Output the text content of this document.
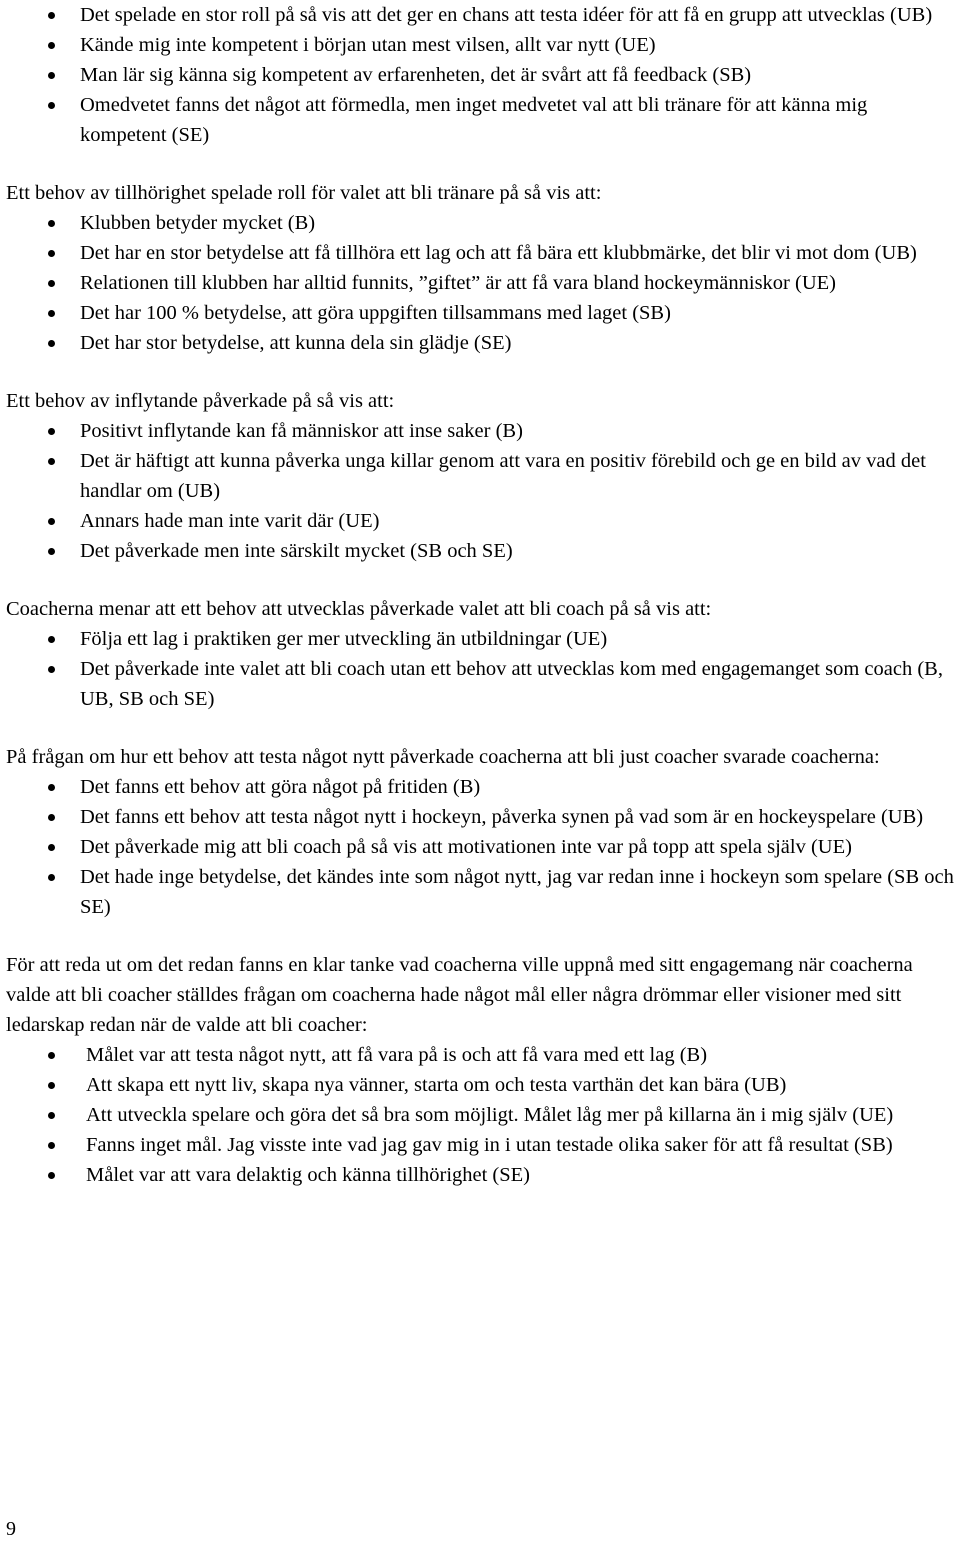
Det spelade en stor roll på så vis att det ger en chans att testa idéer för att få en grupp att utvecklas (UB)
Kände mig inte kompetent i början utan mest vilsen, allt var nytt (UE)
Man lär sig känna sig kompetent av erfarenheten, det är svårt att få feedback (SB)
Omedvetet fanns det något att förmedla, men inget medvetet val att bli tränare för att känna mig kompetent (SE)

Ett behov av tillhörighet spelade roll för valet att bli tränare på så vis att:

Klubben betyder mycket (B)
Det har en stor betydelse att få tillhöra ett lag och att få bära ett klubbmärke, det blir vi mot dom (UB)
Relationen till klubben har alltid funnits, ”giftet” är att få vara bland hockeymänniskor (UE)
Det har 100 % betydelse, att göra uppgiften tillsammans med laget (SB)
Det har stor betydelse, att kunna dela sin glädje (SE)

Ett behov av inflytande påverkade på så vis att:

Positivt inflytande kan få människor att inse saker (B)
Det är häftigt att kunna påverka unga killar genom att vara en positiv förebild och ge en bild av vad det handlar om (UB)
Annars hade man inte varit där (UE)
Det påverkade men inte särskilt mycket (SB och SE)

Coacherna menar att ett behov att utvecklas påverkade valet att bli coach på så vis att:

Följa ett lag i praktiken ger mer utveckling än utbildningar (UE)
Det påverkade inte valet att bli coach utan ett behov att utvecklas kom med engagemanget som coach (B, UB, SB och SE)

På frågan om hur ett behov att testa något nytt påverkade coacherna att bli just coacher svarade coacherna:

Det fanns ett behov att göra något på fritiden (B)
Det fanns ett behov att testa något nytt i hockeyn, påverka synen på vad som är en hockeyspelare (UB)
Det påverkade mig att bli coach på så vis att motivationen inte var på topp att spela själv (UE)
Det hade inge betydelse, det kändes inte som något nytt, jag var redan inne i hockeyn som spelare (SB och SE)

För att reda ut om det redan fanns en klar tanke vad coacherna ville uppnå med sitt engagemang när coacherna valde att bli coacher ställdes frågan om coacherna hade något mål eller några drömmar eller visioner med sitt ledarskap redan när de valde att bli coacher:

Målet var att testa något nytt, att få vara på is och att få vara med ett lag (B)
Att skapa ett nytt liv, skapa nya vänner, starta om och testa varthän det kan bära (UB)
Att utveckla spelare och göra det så bra som möjligt. Målet låg mer på killarna än i mig själv (UE)
Fanns inget mål. Jag visste inte vad jag gav mig in i utan testade olika saker för att få resultat (SB)
Målet var att vara delaktig och känna tillhörighet (SE)
9
